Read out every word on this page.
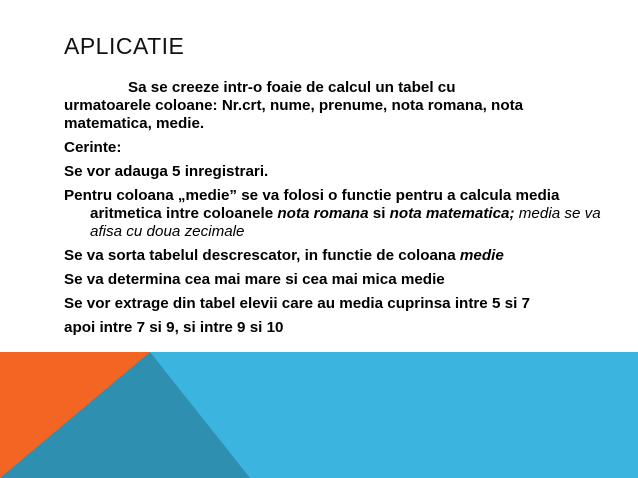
APLICATIE

Sa se creeze intr-o foaie de calcul un tabel cu

urmatoarele coloane: Nr.crt, nume, prenume, nota romana, nota matematica, medie.

Cerinte:

Se vor adauga 5 inregistrari.

Pentru coloana „medie” se va folosi o functie pentru a calcula media aritmetica intre coloanele nota romana si nota matematica; media se va afisa cu doua zecimale

Se va sorta tabelul descrescator, in functie de coloana medie

Se va determina cea mai mare si cea mai mica medie

Se vor extrage din tabel elevii care au media cuprinsa intre 5 si 7

apoi intre 7 si 9, si intre 9 si 10
